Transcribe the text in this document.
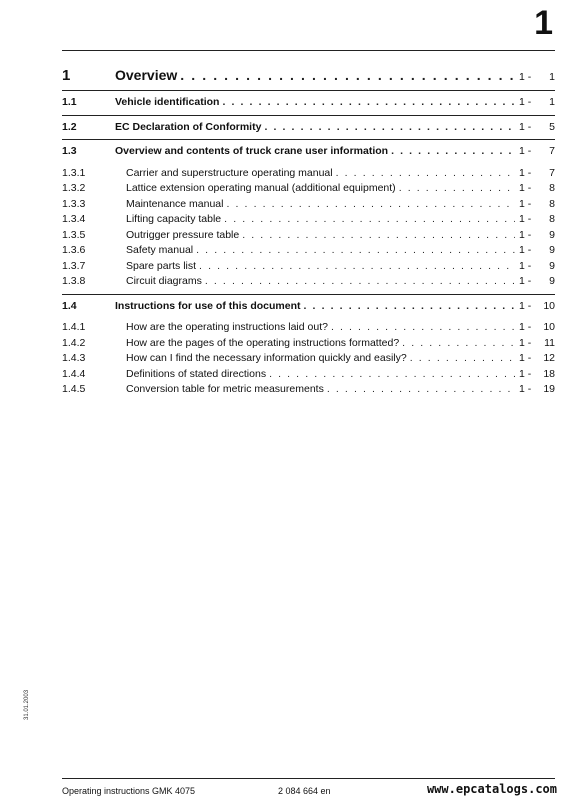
1
1	Overview . . .	1 -	1
1.1	Vehicle identification . . .	1 -	1
1.2	EC Declaration of Conformity . . .	1 -	5
1.3	Overview and contents of truck crane user information . . .	1 -	7
1.3.1	Carrier and superstructure operating manual . . .	1 -	7
1.3.2	Lattice extension operating manual (additional equipment) . . .	1 -	8
1.3.3	Maintenance manual . . .	1 -	8
1.3.4	Lifting capacity table . . .	1 -	8
1.3.5	Outrigger pressure table . . .	1 -	9
1.3.6	Safety manual . . .	1 -	9
1.3.7	Spare parts list . . .	1 -	9
1.3.8	Circuit diagrams . . .	1 -	9
1.4	Instructions for use of this document . . .	1 -	10
1.4.1	How are the operating instructions laid out? . . .	1 -	10
1.4.2	How are the pages of the operating instructions formatted? . . .	1 -	11
1.4.3	How can I find the necessary information quickly and easily? . . .	1 -	12
1.4.4	Definitions of stated directions . . .	1 -	18
1.4.5	Conversion table for metric measurements . . .	1 -	19
31.01.2003
Operating instructions GMK 4075	2 084 664 en	www.epcatalogs.com
